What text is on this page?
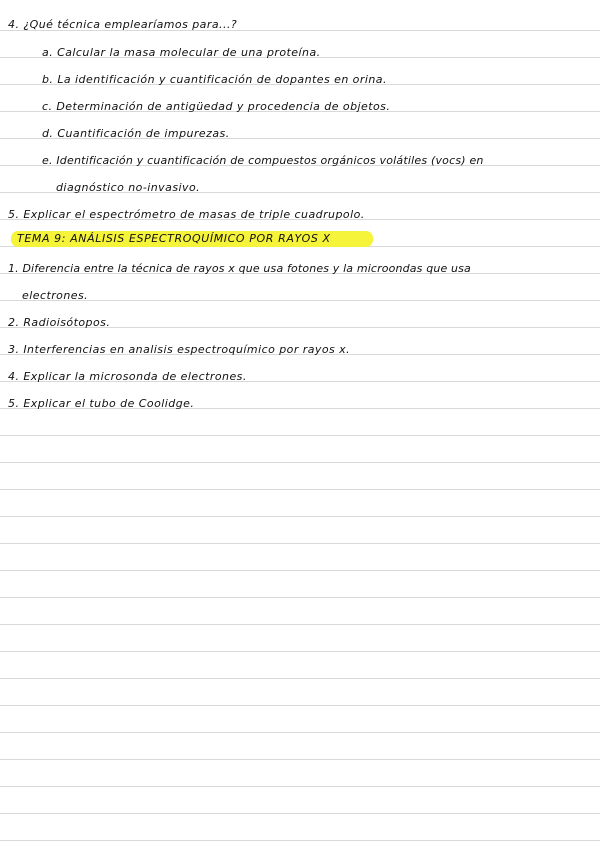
4. ¿Qué técnica emplearíamos para...?
a. Calcular la masa molecular de una proteína.
b. La identificación y cuantificación de dopantes en orina.
c. Determinación de antigüedad y procedencia de objetos.
d. Cuantificación de impurezas.
e. Identificación y cuantificación de compuestos orgánicos volátiles (vocs) en
diagnóstico no-invasivo.
5. Explicar el espectrómetro de masas de triple cuadrupolo.
TEMA 9: ANÁLISIS ESPECTROQUÍMICO POR RAYOS X
1. Diferencia entre la técnica de rayos x que usa fotones y la microondas que usa
electrones.
2. Radioisótopos.
3. Interferencias en analisis espectroquímico por rayos x.
4. Explicar la microsonda de electrones.
5. Explicar el tubo de Coolidge.
